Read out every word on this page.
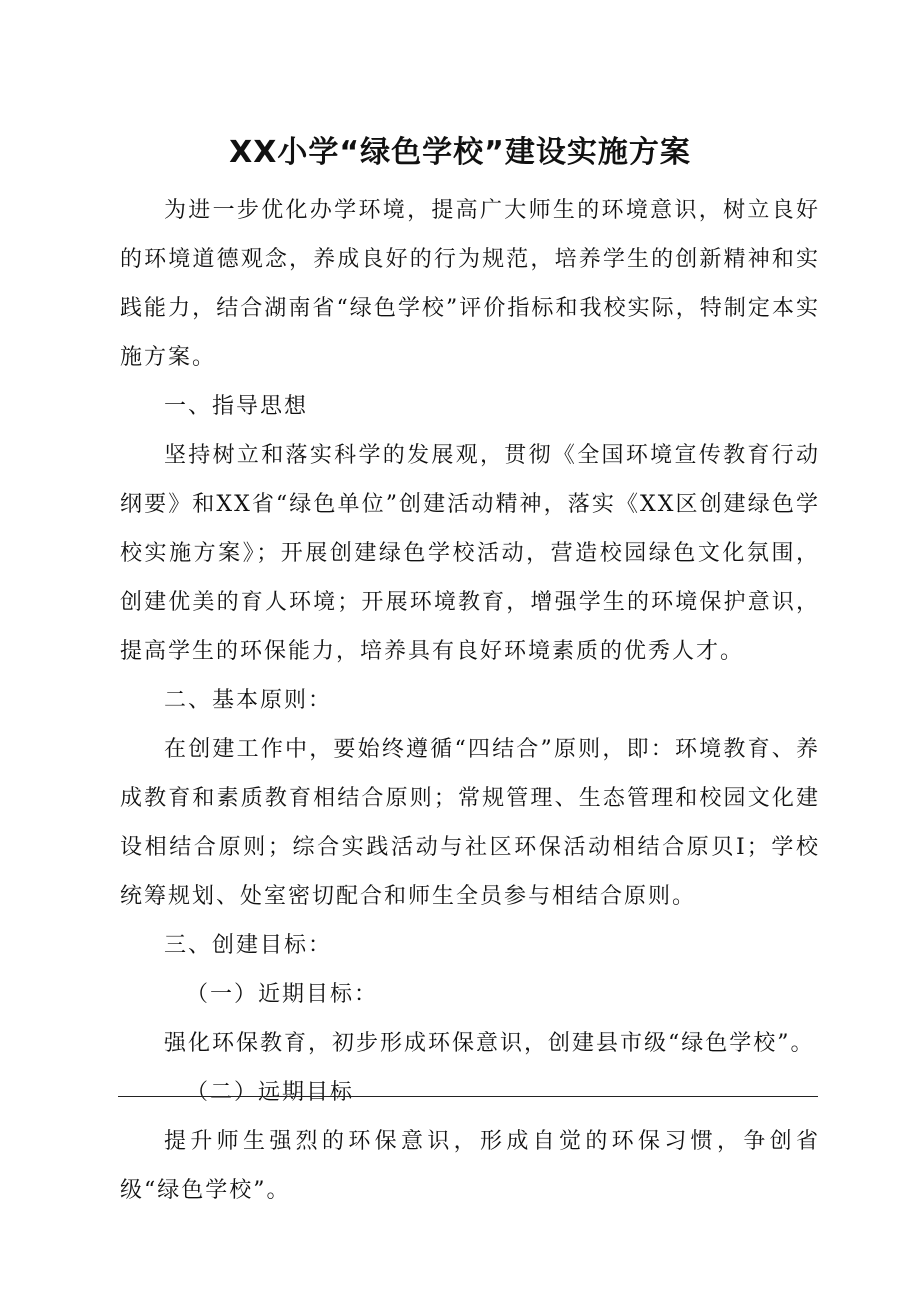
XX小学“绿色学校”建设实施方案

为进一步优化办学环境，提高广大师生的环境意识，树立良好的环境道德观念，养成良好的行为规范，培养学生的创新精神和实践能力，结合湖南省“绿色学校”评价指标和我校实际，特制定本实施方案。

一、指导思想

坚持树立和落实科学的发展观，贯彻《全国环境宣传教育行动纲要》和XX省“绿色单位”创建活动精神，落实《XX区创建绿色学校实施方案》；开展创建绿色学校活动，营造校园绿色文化氛围，创建优美的育人环境；开展环境教育，增强学生的环境保护意识，提高学生的环保能力，培养具有良好环境素质的优秀人才。

二、基本原则：

在创建工作中，要始终遵循“四结合”原则，即：环境教育、养成教育和素质教育相结合原则；常规管理、生态管理和校园文化建设相结合原则；综合实践活动与社区环保活动相结合原贝I；学校统筹规划、处室密切配合和师生全员参与相结合原则。

三、创建目标：

（一）近期目标：

强化环保教育，初步形成环保意识，创建县市级“绿色学校”。

（二）远期目标

提升师生强烈的环保意识，形成自觉的环保习惯，争创省级“绿色学校”。
